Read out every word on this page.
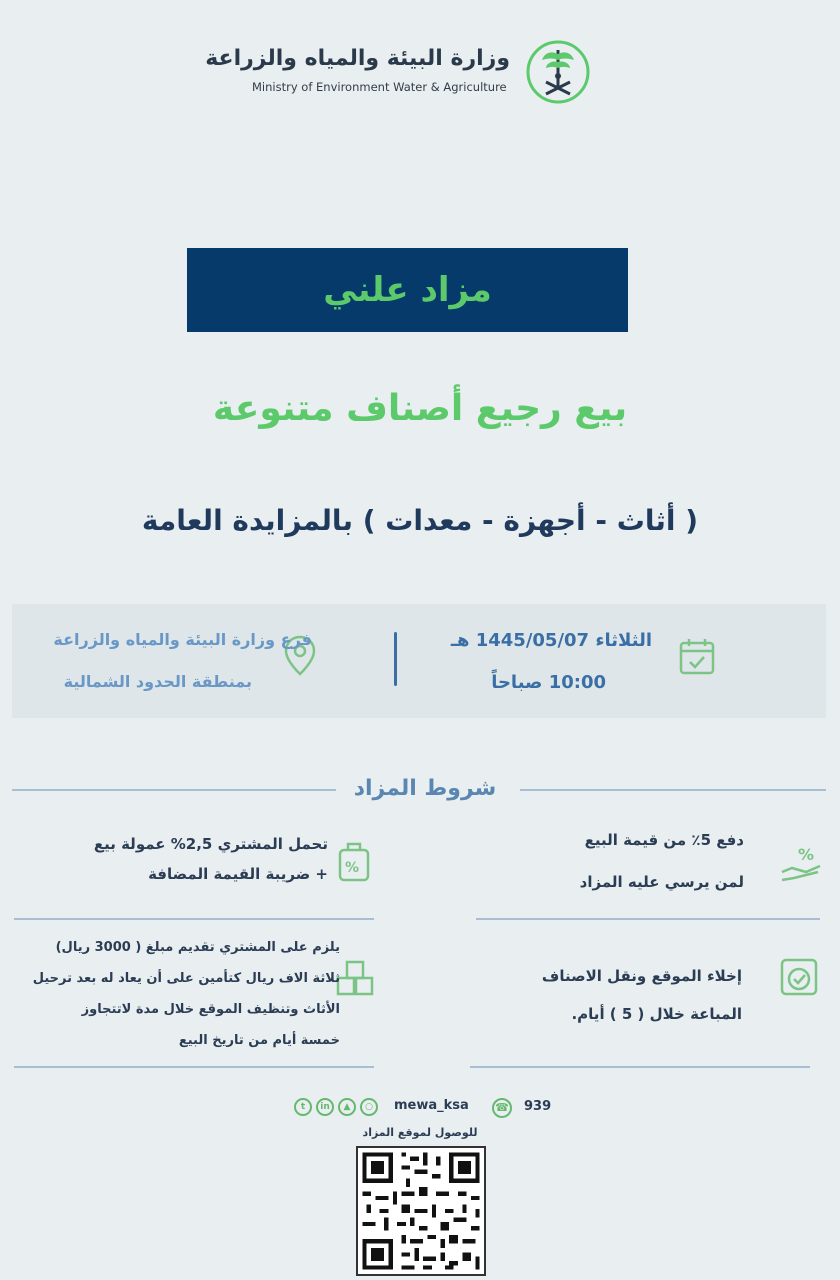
وزارة البيئة والمياه والزراعة
Ministry of Environment Water & Agriculture
مزاد علني
بيع رجيع أصناف متنوعة
( أثاث - أجهزة - معدات ) بالمزايدة العامة
الثلاثاء 1445/05/07 هـ
10:00 صباحاً
فرع وزارة البيئة والمياه والزراعة
بمنطقة الحدود الشمالية
شروط المزاد
%
دفع 5٪ من قيمة البيع
لمن يرسي عليه المزاد
%
تحمل المشتري 2,5% عمولة بيع
+ ضريبة القيمة المضافة
إخلاء الموقع ونقل الاصناف
المباعة خلال ( 5 ) أيام.
يلزم على المشتري تقديم مبلغ ( 3000 ريال)
ثلاثة الاف ريال كتأمين على أن يعاد له بعد ترحيل
الأثاث وتنظيف الموقع خلال مدة لاتتجاوز
خمسة أيام من تاريخ البيع
t	in	▲	○	mewa_ksa ☎ 939
للوصول لموقع المزاد
